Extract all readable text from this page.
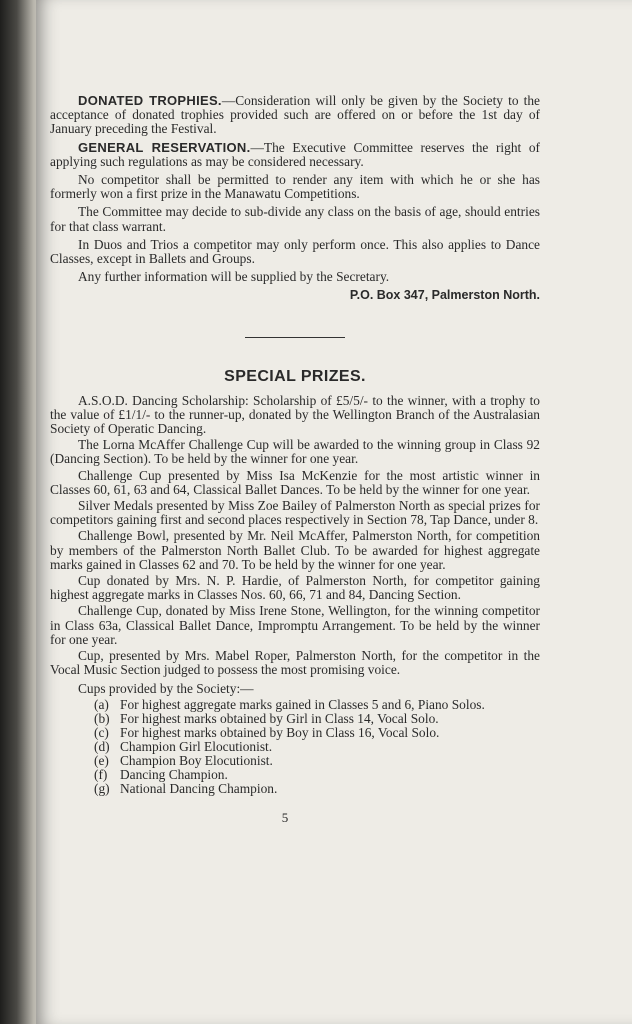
DONATED TROPHIES.—Consideration will only be given by the Society to the acceptance of donated trophies provided such are offered on or before the 1st day of January preceding the Festival.

GENERAL RESERVATION.—The Executive Committee reserves the right of applying such regulations as may be considered necessary.

No competitor shall be permitted to render any item with which he or she has formerly won a first prize in the Manawatu Competitions.

The Committee may decide to sub-divide any class on the basis of age, should entries for that class warrant.

In Duos and Trios a competitor may only perform once. This also applies to Dance Classes, except in Ballets and Groups.

Any further information will be supplied by the Secretary.

P.O. Box 347, Palmerston North.

SPECIAL PRIZES.

A.S.O.D. Dancing Scholarship: Scholarship of £5/5/- to the winner, with a trophy to the value of £1/1/- to the runner-up, donated by the Wellington Branch of the Australasian Society of Operatic Dancing.

The Lorna McAffer Challenge Cup will be awarded to the winning group in Class 92 (Dancing Section). To be held by the winner for one year.

Challenge Cup presented by Miss Isa McKenzie for the most artistic winner in Classes 60, 61, 63 and 64, Classical Ballet Dances. To be held by the winner for one year.

Silver Medals presented by Miss Zoe Bailey of Palmerston North as special prizes for competitors gaining first and second places respectively in Section 78, Tap Dance, under 8.

Challenge Bowl, presented by Mr. Neil McAffer, Palmerston North, for competition by members of the Palmerston North Ballet Club. To be awarded for highest aggregate marks gained in Classes 62 and 70. To be held by the winner for one year.

Cup donated by Mrs. N. P. Hardie, of Palmerston North, for competitor gaining highest aggregate marks in Classes Nos. 60, 66, 71 and 84, Dancing Section.

Challenge Cup, donated by Miss Irene Stone, Wellington, for the winning competitor in Class 63a, Classical Ballet Dance, Impromptu Arrangement. To be held by the winner for one year.

Cup, presented by Mrs. Mabel Roper, Palmerston North, for the competitor in the Vocal Music Section judged to possess the most promising voice.

Cups provided by the Society:—

(a) For highest aggregate marks gained in Classes 5 and 6, Piano Solos.
(b) For highest marks obtained by Girl in Class 14, Vocal Solo.
(c) For highest marks obtained by Boy in Class 16, Vocal Solo.
(d) Champion Girl Elocutionist.
(e) Champion Boy Elocutionist.
(f) Dancing Champion.
(g) National Dancing Champion.
5
